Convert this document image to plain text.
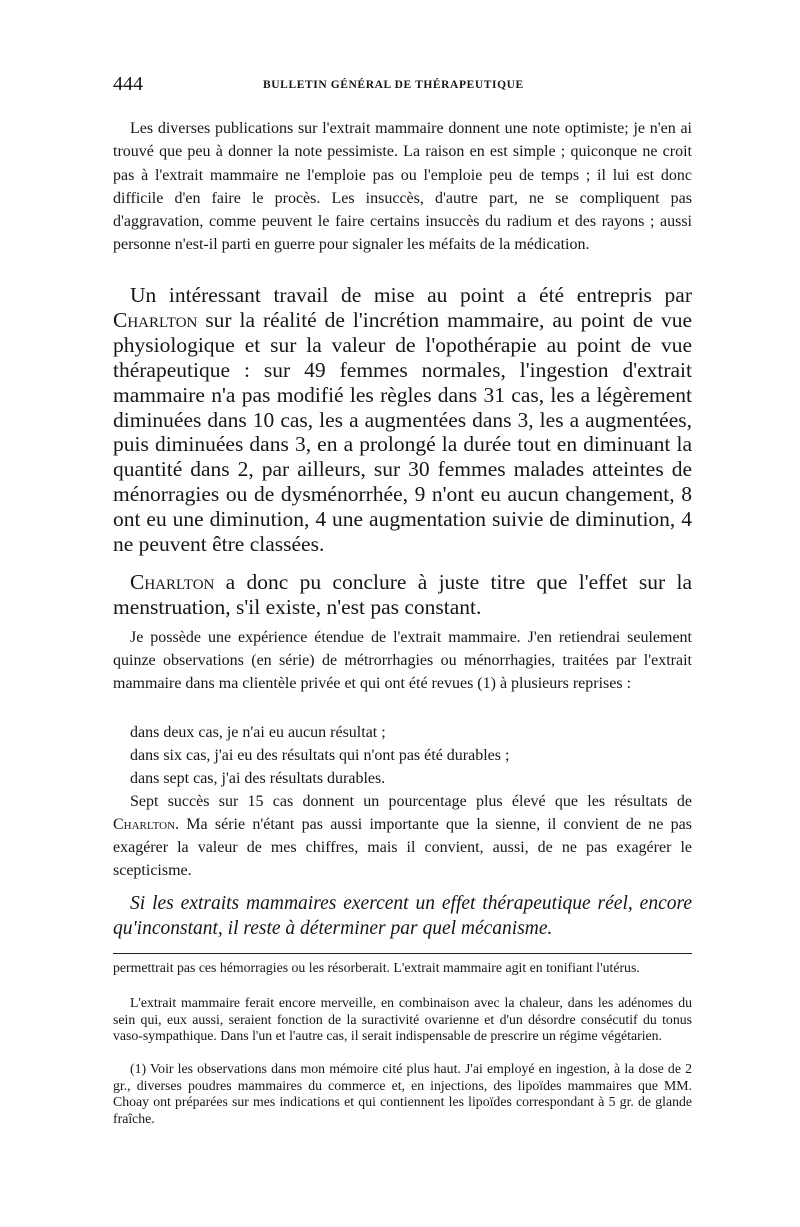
444	BULLETIN GÉNÉRAL DE THÉRAPEUTIQUE

Les diverses publications sur l'extrait mammaire donnent une note optimiste; je n'en ai trouvé que peu à donner la note pessimiste. La raison en est simple ; quiconque ne croit pas à l'extrait mammaire ne l'emploie pas ou l'emploie peu de temps ; il lui est donc difficile d'en faire le procès. Les insuccès, d'autre part, ne se compliquent pas d'aggravation, comme peuvent le faire certains insuccès du radium et des rayons ; aussi personne n'est-il parti en guerre pour signaler les méfaits de la médication.

Un intéressant travail de mise au point a été entrepris par Charlton sur la réalité de l'incrétion mammaire, au point de vue physiologique et sur la valeur de l'opothérapie au point de vue thérapeutique : sur 49 femmes normales, l'ingestion d'extrait mammaire n'a pas modifié les règles dans 31 cas, les a légèrement diminuées dans 10 cas, les a augmentées dans 3, les a augmentées, puis diminuées dans 3, en a prolongé la durée tout en diminuant la quantité dans 2, par ailleurs, sur 30 femmes malades atteintes de ménorragies ou de dysménorrhée, 9 n'ont eu aucun changement, 8 ont eu une diminution, 4 une augmentation suivie de diminution, 4 ne peuvent être classées.

Charlton a donc pu conclure à juste titre que l'effet sur la menstruation, s'il existe, n'est pas constant.

Je possède une expérience étendue de l'extrait mammaire. J'en retiendrai seulement quinze observations (en série) de métrorrhagies ou ménorrhagies, traitées par l'extrait mammaire dans ma clientèle privée et qui ont été revues (1) à plusieurs reprises :

dans deux cas, je n'ai eu aucun résultat ;

dans six cas, j'ai eu des résultats qui n'ont pas été durables ;

dans sept cas, j'ai des résultats durables.

Sept succès sur 15 cas donnent un pourcentage plus élevé que les résultats de Charlton. Ma série n'étant pas aussi importante que la sienne, il convient de ne pas exagérer la valeur de mes chiffres, mais il convient, aussi, de ne pas exagérer le scepticisme.

Si les extraits mammaires exercent un effet thérapeutique réel, encore qu'inconstant, il reste à déterminer par quel mécanisme.

permettrait pas ces hémorragies ou les résorberait. L'extrait mammaire agit en tonifiant l'utérus.

L'extrait mammaire ferait encore merveille, en combinaison avec la chaleur, dans les adénomes du sein qui, eux aussi, seraient fonction de la suractivité ovarienne et d'un désordre consécutif du tonus vaso-sympathique. Dans l'un et l'autre cas, il serait indispensable de prescrire un régime végétarien.

(1) Voir les observations dans mon mémoire cité plus haut. J'ai employé en ingestion, à la dose de 2 gr., diverses poudres mammaires du commerce et, en injections, des lipoïdes mammaires que MM. Choay ont préparées sur mes indications et qui contiennent les lipoïdes correspondant à 5 gr. de glande fraîche.
